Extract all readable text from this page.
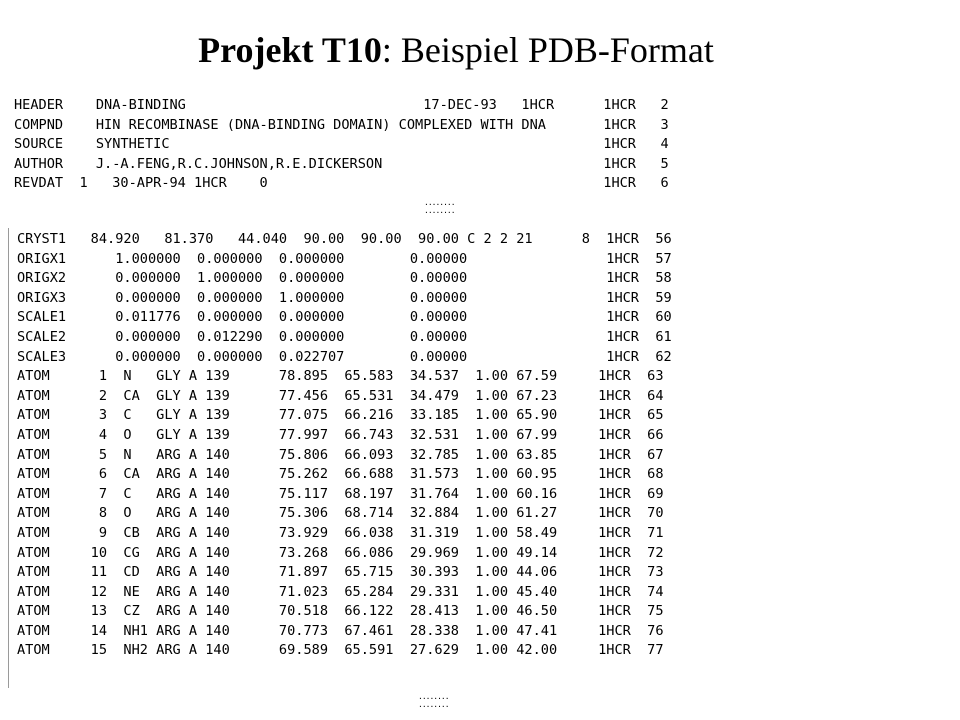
Projekt T10: Beispiel PDB-Format
HEADER    DNA-BINDING                             17-DEC-93   1HCR      1HCR   2
COMPND    HIN RECOMBINASE (DNA-BINDING DOMAIN) COMPLEXED WITH DNA       1HCR   3
SOURCE    SYNTHETIC                                                     1HCR   4
AUTHOR    J.-A.FENG,R.C.JOHNSON,R.E.DICKERSON                           1HCR   5
REVDAT  1   30-APR-94 1HCR    0                                         1HCR   6
........
........
CRYST1   84.920   81.370   44.040  90.00  90.00  90.00 C 2 2 21      8  1HCR  56
ORIGX1      1.000000  0.000000  0.000000        0.00000                 1HCR  57
ORIGX2      0.000000  1.000000  0.000000        0.00000                 1HCR  58
ORIGX3      0.000000  0.000000  1.000000        0.00000                 1HCR  59
SCALE1      0.011776  0.000000  0.000000        0.00000                 1HCR  60
SCALE2      0.000000  0.012290  0.000000        0.00000                 1HCR  61
SCALE3      0.000000  0.000000  0.022707        0.00000                 1HCR  62
ATOM      1  N   GLY A 139      78.895  65.583  34.537  1.00 67.59     1HCR  63
ATOM      2  CA  GLY A 139      77.456  65.531  34.479  1.00 67.23     1HCR  64
ATOM      3  C   GLY A 139      77.075  66.216  33.185  1.00 65.90     1HCR  65
ATOM      4  O   GLY A 139      77.997  66.743  32.531  1.00 67.99     1HCR  66
ATOM      5  N   ARG A 140      75.806  66.093  32.785  1.00 63.85     1HCR  67
ATOM      6  CA  ARG A 140      75.262  66.688  31.573  1.00 60.95     1HCR  68
ATOM      7  C   ARG A 140      75.117  68.197  31.764  1.00 60.16     1HCR  69
ATOM      8  O   ARG A 140      75.306  68.714  32.884  1.00 61.27     1HCR  70
ATOM      9  CB  ARG A 140      73.929  66.038  31.319  1.00 58.49     1HCR  71
ATOM     10  CG  ARG A 140      73.268  66.086  29.969  1.00 49.14     1HCR  72
ATOM     11  CD  ARG A 140      71.897  65.715  30.393  1.00 44.06     1HCR  73
ATOM     12  NE  ARG A 140      71.023  65.284  29.331  1.00 45.40     1HCR  74
ATOM     13  CZ  ARG A 140      70.518  66.122  28.413  1.00 46.50     1HCR  75
ATOM     14  NH1 ARG A 140      70.773  67.461  28.338  1.00 47.41     1HCR  76
ATOM     15  NH2 ARG A 140      69.589  65.591  27.629  1.00 42.00     1HCR  77
........
........
